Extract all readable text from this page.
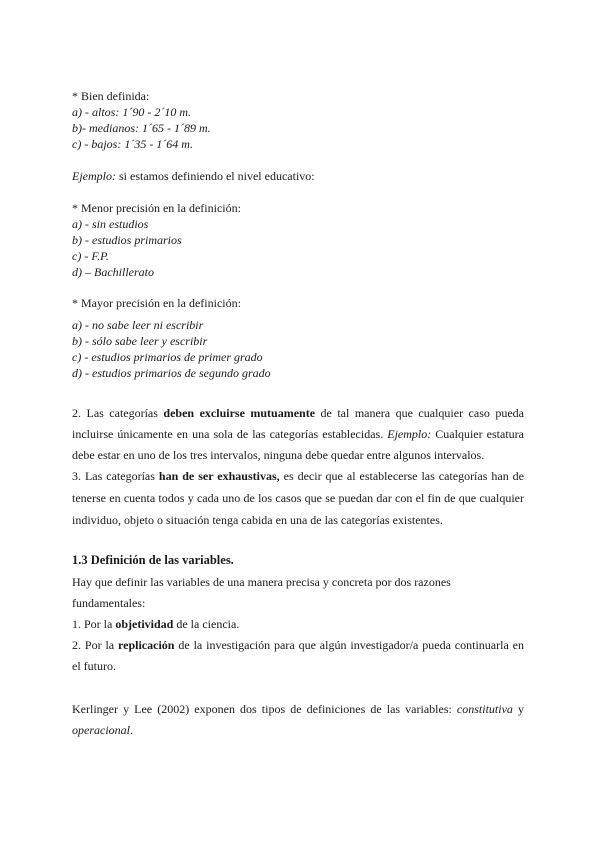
* Bien definida:
a) - altos: 1´90 - 2´10 m.
b)- medianos: 1´65 - 1´89 m.
c) - bajos: 1´35 - 1´64 m.
Ejemplo: si estamos definiendo el nivel educativo:
* Menor precisión en la definición:
a) - sin estudios
b) - estudios primarios
c) - F.P.
d) – Bachillerato
* Mayor precisión en la definición:
a) - no sabe leer ni escribir
b) - sólo sabe leer y escribir
c) - estudios primarios de primer grado
d) - estudios primarios de segundo grado
2. Las categorías deben excluirse mutuamente de tal manera que cualquier caso pueda
incluirse únicamente en una sola de las categorías establecidas. Ejemplo: Cualquier estatura
debe estar en uno de los tres intervalos, ninguna debe quedar entre algunos intervalos.
3. Las categorías han de ser exhaustivas, es decir que al establecerse las categorías han de
tenerse en cuenta todos y cada uno de los casos que se puedan dar con el fin de que cualquier
individuo, objeto o situación tenga cabida en una de las categorías existentes.
1.3 Definición de las variables.
Hay que definir las variables de una manera precisa y concreta por dos razones
fundamentales:
1. Por la objetividad de la ciencia.
2. Por la replicación de la investigación para que algún investigador/a pueda continuarla en
el futuro.
Kerlinger y Lee (2002) exponen dos tipos de definiciones de las variables: constitutiva y
operacional.
